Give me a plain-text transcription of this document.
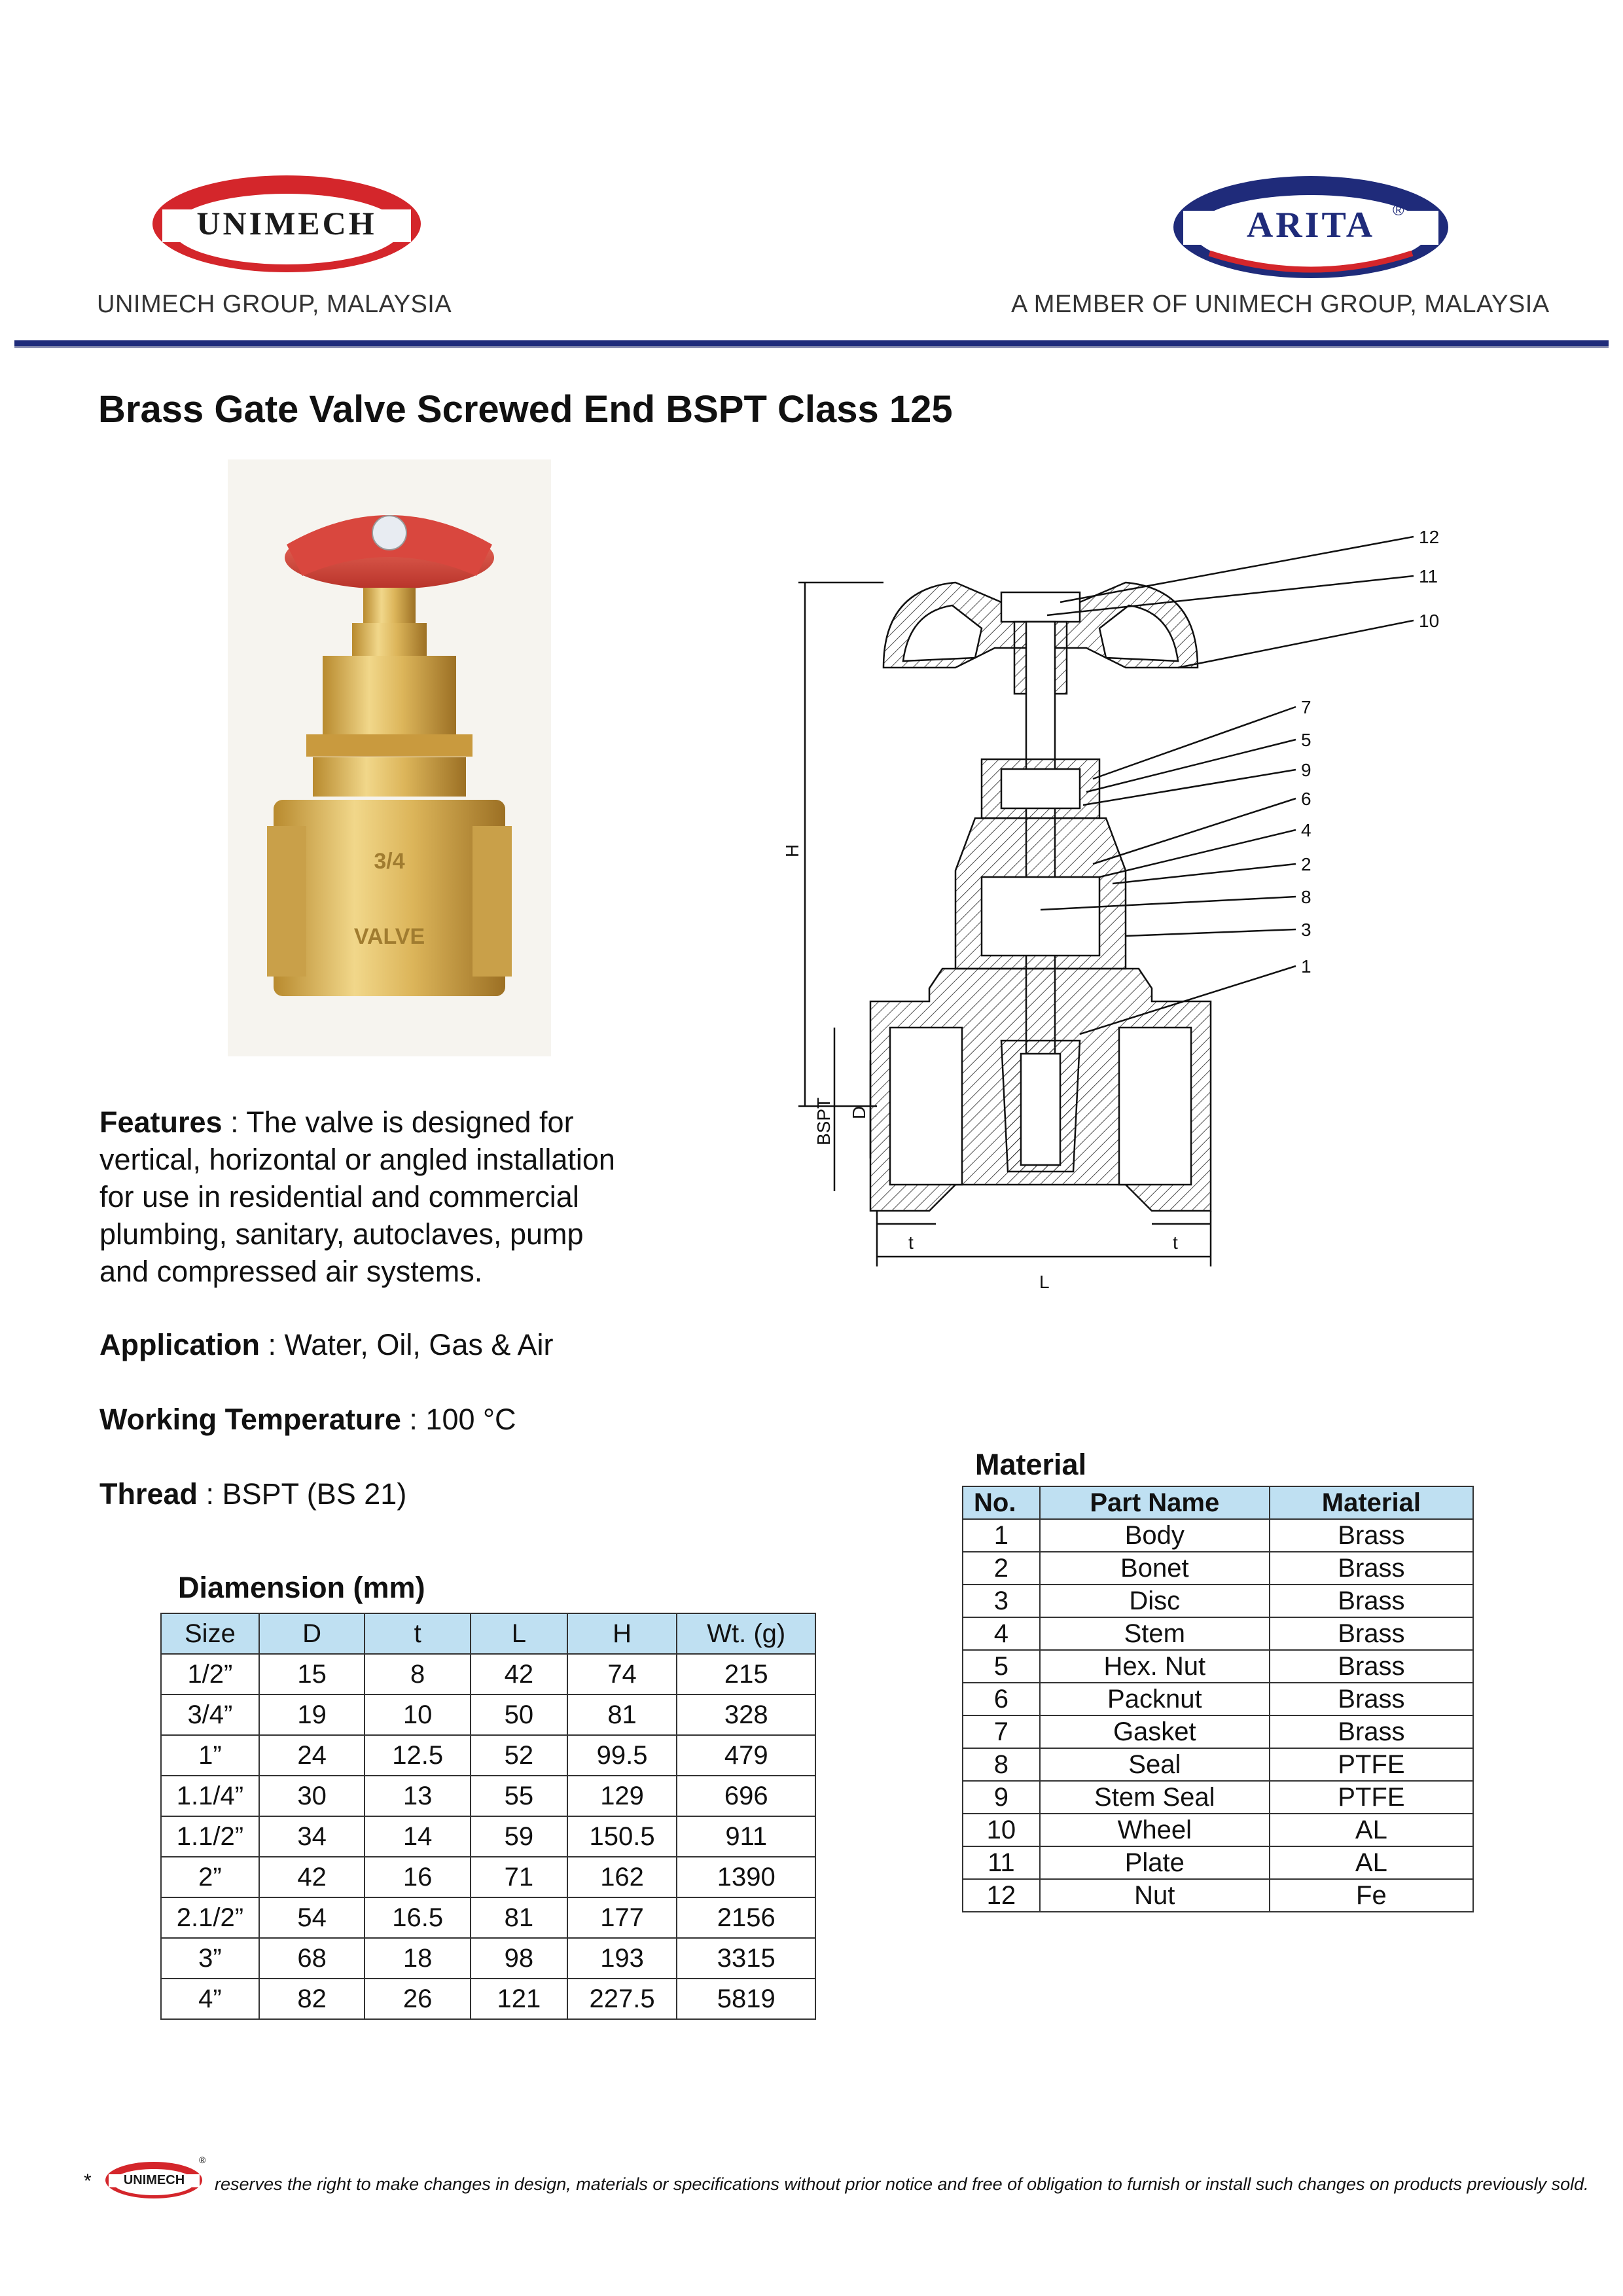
UNIMECH
UNIMECH GROUP, MALAYSIA
ARITA	®
A MEMBER OF UNIMECH GROUP, MALAYSIA
Brass Gate Valve Screwed End BSPT Class 125
3/4
VALVE
12
11
10
7
5
9
6
4
2
8
3
1
H
BSPT D
t	t
L
Features : The valve is designed for
vertical, horizontal or angled installation
for use in residential and commercial
plumbing, sanitary, autoclaves, pump
and compressed air systems.
Application : Water, Oil, Gas & Air
Working Temperature : 100 °C
Thread : BSPT (BS 21)
Diamension (mm)
Size	D	t	L	H	Wt. (g)
1/2”	15	8	42	74	215
3/4”	19	10	50	81	328
1”	24	12.5	52	99.5	479
1.1/4”	30	13	55	129	696
1.1/2”	34	14	59	150.5	911
2”	42	16	71	162	1390
2.1/2”	54	16.5	81	177	2156
3”	68	18	98	193	3315
4”	82	26	121	227.5	5819
Material
No.	Part Name	Material
1	Body	Brass
2	Bonet	Brass
3	Disc	Brass
4	Stem	Brass
5	Hex. Nut	Brass
6	Packnut	Brass
7	Gasket	Brass
8	Seal	PTFE
9	Stem Seal	PTFE
10	Wheel	AL
11	Plate	AL
12	Nut	Fe
*	UNIMECH
®
reserves the right to make changes in design, materials or specifications without prior notice and free of obligation to furnish or install such changes on products previously sold.
